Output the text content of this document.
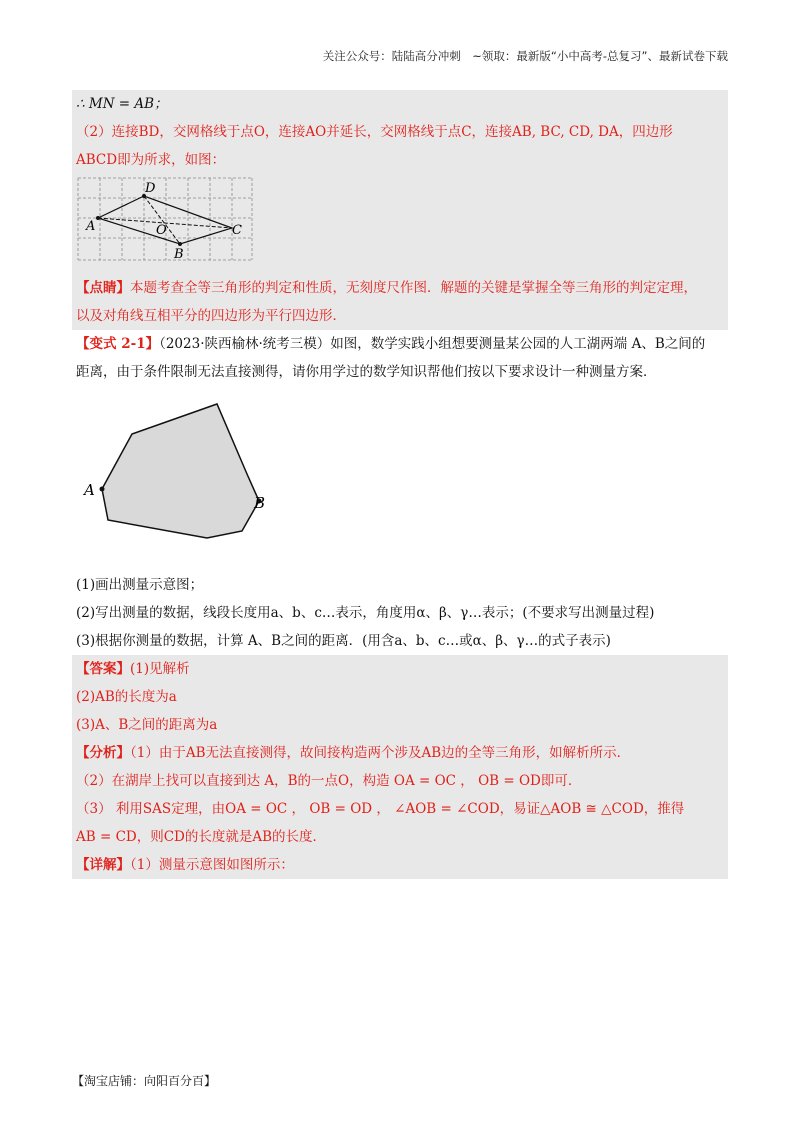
关注公众号：陆陆高分冲刺　~领取：最新版“小中高考-总复习”、最新试卷下载

∴ MN = AB；

（2）连接BD，交网格线于点O，连接AO并延长，交网格线于点C，连接AB, BC, CD, DA，四边形

ABCD即为所求，如图：

D
A	O	C
B

【点睛】本题考查全等三角形的判定和性质，无刻度尺作图．解题的关键是掌握全等三角形的判定定理，

以及对角线互相平分的四边形为平行四边形．

【变式 2-1】（2023·陕西榆林·统考三模）如图，数学实践小组想要测量某公园的人工湖两端 A、B之间的

距离，由于条件限制无法直接测得，请你用学过的数学知识帮他们按以下要求设计一种测量方案．

A
B

(1)画出测量示意图；

(2)写出测量的数据，线段长度用a、b、c…表示，角度用α、β、γ…表示；(不要求写出测量过程)

(3)根据你测量的数据，计算 A、B之间的距离．(用含a、b、c…或α、β、γ…的式子表示)

【答案】(1)见解析

(2)AB的长度为a

(3)A、B之间的距离为a

【分析】（1）由于AB无法直接测得，故间接构造两个涉及AB边的全等三角形，如解析所示．

（2）在湖岸上找可以直接到达 A，B的一点O，构造 OA = OC ， OB = OD即可．

（3） 利用SAS定理，由OA = OC ， OB = OD ， ∠AOB = ∠COD，易证△AOB ≅ △COD，推得

AB = CD，则CD的长度就是AB的长度．

【详解】（1）测量示意图如图所示：

【淘宝店铺：向阳百分百】
